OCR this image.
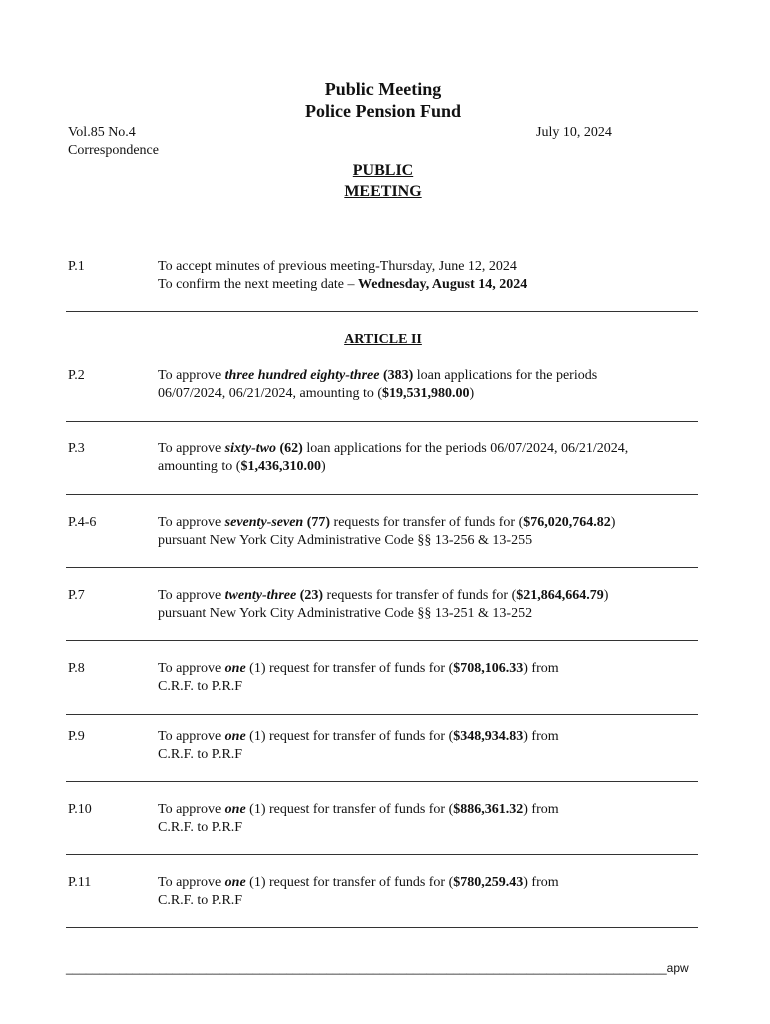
Public Meeting
Police Pension Fund
Vol.85 No.4
Correspondence
July 10, 2024
PUBLIC
MEETING
P.1	To accept minutes of previous meeting-Thursday, June 12, 2024
To confirm the next meeting date – Wednesday, August 14, 2024
ARTICLE II
P.2	To approve three hundred eighty-three (383) loan applications for the periods
06/07/2024, 06/21/2024, amounting to ($19,531,980.00)
P.3	To approve sixty-two (62) loan applications for the periods 06/07/2024, 06/21/2024,
amounting to ($1,436,310.00)
P.4-6	To approve seventy-seven (77) requests for transfer of funds for ($76,020,764.82)
pursuant New York City Administrative Code §§ 13-256 & 13-255
P.7	To approve twenty-three (23) requests for transfer of funds for ($21,864,664.79)
pursuant New York City Administrative Code §§ 13-251 & 13-252
P.8	To approve one (1) request for transfer of funds for ($708,106.33) from
C.R.F. to P.R.F
P.9	To approve one (1) request for transfer of funds for ($348,934.83) from
C.R.F. to P.R.F
P.10	To approve one (1) request for transfer of funds for ($886,361.32) from
C.R.F. to P.R.F
P.11	To approve one (1) request for transfer of funds for ($780,259.43) from
C.R.F. to P.R.F
__________________________________________________________________________________________apw
